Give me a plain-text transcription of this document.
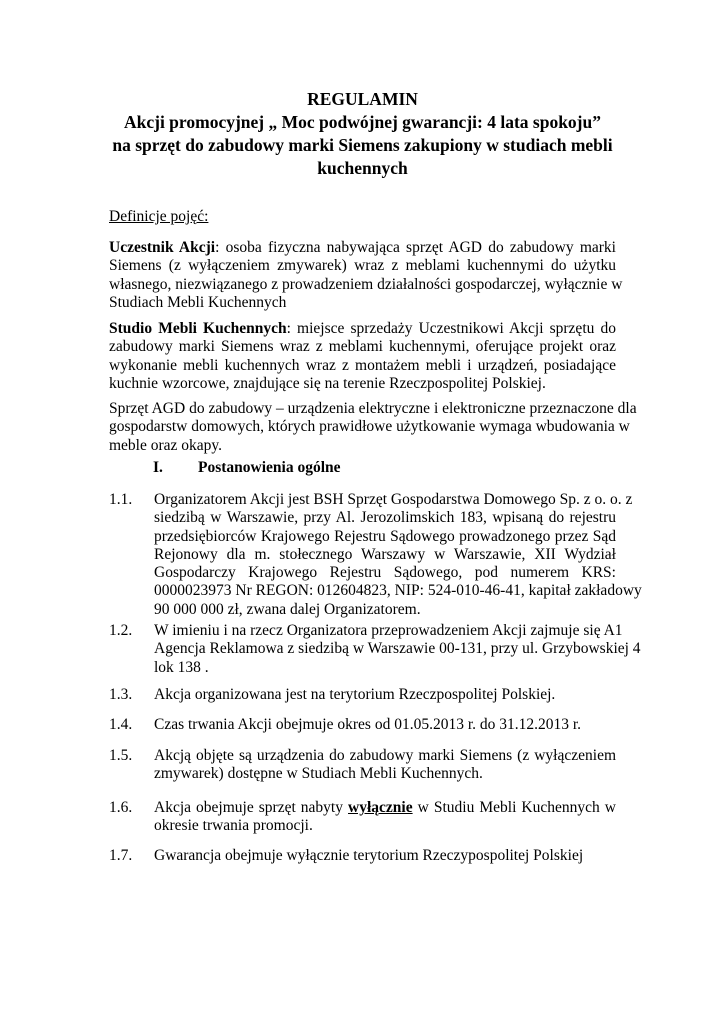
REGULAMIN
Akcji promocyjnej „ Moc podwójnej gwarancji: 4 lata spokoju”
na sprzęt do zabudowy marki Siemens zakupiony w studiach mebli
kuchennych
Definicje pojęć:
Uczestnik Akcji: osoba fizyczna nabywająca sprzęt AGD do zabudowy marki
Siemens (z wyłączeniem zmywarek) wraz z meblami kuchennymi do użytku
własnego, niezwiązanego z prowadzeniem działalności gospodarczej, wyłącznie w
Studiach Mebli Kuchennych
Studio Mebli Kuchennych: miejsce sprzedaży Uczestnikowi Akcji sprzętu do
zabudowy marki Siemens wraz z meblami kuchennymi, oferujące projekt oraz
wykonanie mebli kuchennych wraz z montażem mebli i urządzeń, posiadające
kuchnie wzorcowe, znajdujące się na terenie Rzeczpospolitej Polskiej.
Sprzęt AGD do zabudowy – urządzenia elektryczne i elektroniczne przeznaczone dla
gospodarstw domowych, których prawidłowe użytkowanie wymaga wbudowania w
meble oraz okapy.
I. Postanowienia ogólne
1.1. Organizatorem Akcji jest BSH Sprzęt Gospodarstwa Domowego Sp. z o. o. z
siedzibą w Warszawie, przy Al. Jerozolimskich 183, wpisaną do rejestru
przedsiębiorców Krajowego Rejestru Sądowego prowadzonego przez Sąd
Rejonowy dla m. stołecznego Warszawy w Warszawie, XII Wydział
Gospodarczy Krajowego Rejestru Sądowego, pod numerem KRS:
0000023973 Nr REGON: 012604823, NIP: 524-010-46-41, kapitał zakładowy
90 000 000 zł, zwana dalej Organizatorem.
1.2. W imieniu i na rzecz Organizatora przeprowadzeniem Akcji zajmuje się A1
Agencja Reklamowa z siedzibą w Warszawie 00-131, przy ul. Grzybowskiej 4
lok 138 .
1.3. Akcja organizowana jest na terytorium Rzeczpospolitej Polskiej.
1.4. Czas trwania Akcji obejmuje okres od 01.05.2013 r. do 31.12.2013 r.
1.5. Akcją objęte są urządzenia do zabudowy marki Siemens (z wyłączeniem
zmywarek) dostępne w Studiach Mebli Kuchennych.
1.6. Akcja obejmuje sprzęt nabyty wyłącznie w Studiu Mebli Kuchennych w
okresie trwania promocji.
1.7. Gwarancja obejmuje wyłącznie terytorium Rzeczypospolitej Polskiej
